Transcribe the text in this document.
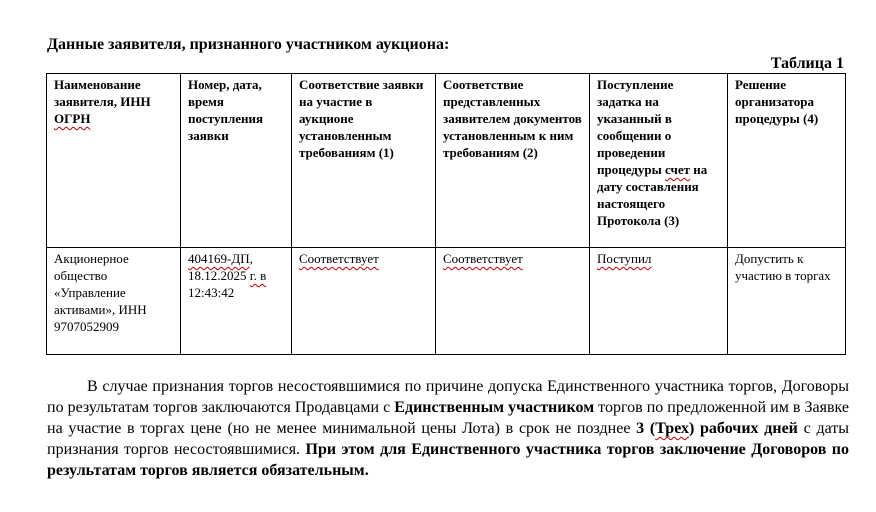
Данные заявителя, признанного участником аукциона:
Таблица 1
Наименование заявителя, ИНН ОГРН	Номер, дата, время поступления заявки	Соответствие заявки на участие в аукционе установленным требованиям (1)	Соответствие представленных заявителем документов установленным к ним требованиям (2)	Поступление задатка на указанный в сообщении о проведении процедуры счет на дату составления настоящего Протокола (3)	Решение организатора процедуры (4)
Акционерное общество «Управление активами», ИНН 9707052909	404169-ДП, 18.12.2025 г. в 12:43:42	Соответствует	Соответствует	Поступил	Допустить к участию в торгах
В случае признания торгов несостоявшимися по причине допуска Единственного участника торгов, Договоры по результатам торгов заключаются Продавцами с Единственным участником торгов по предложенной им в Заявке на участие в торгах цене (но не менее минимальной цены Лота) в срок не позднее 3 (Трех) рабочих дней с даты признания торгов несостоявшимися. При этом для Единственного участника торгов заключение Договоров по результатам торгов является обязательным.
